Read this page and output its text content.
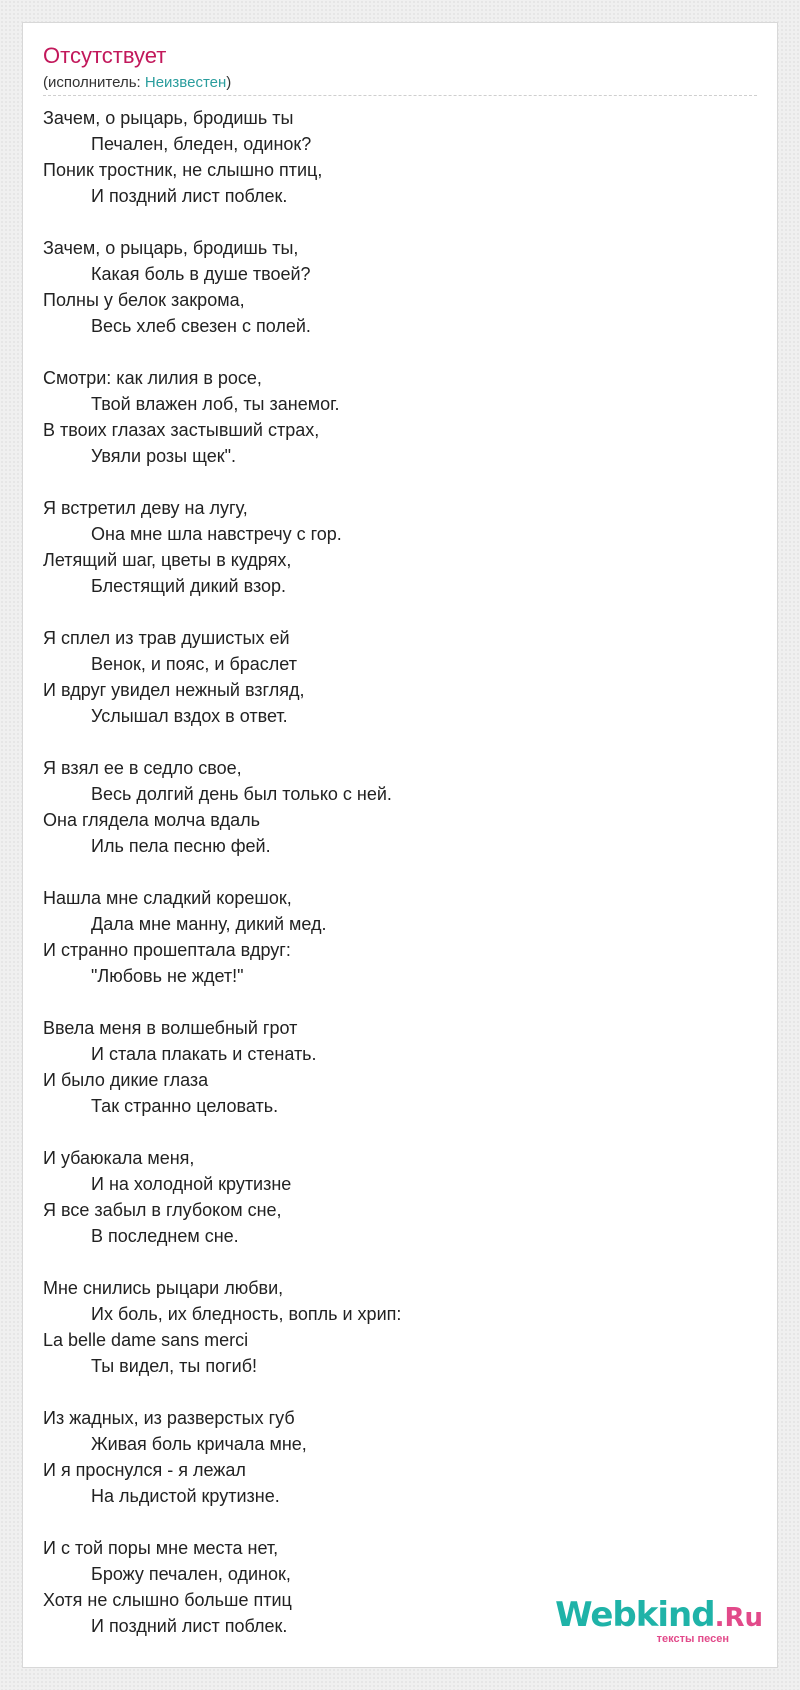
Отсутствует
(исполнитель: Неизвестен)
Зачем, о рыцарь, бродишь ты
Печален, бледен, одинок?
Поник тростник, не слышно птиц,
И поздний лист поблек.
Зачем, о рыцарь, бродишь ты,
Какая боль в душе твоей?
Полны у белок закрома,
Весь хлеб свезен с полей.
Смотри: как лилия в росе,
Твой влажен лоб, ты занемог.
В твоих глазах застывший страх,
Увяли розы щек".
Я встретил деву на лугу,
Она мне шла навстречу с гор.
Летящий шаг, цветы в кудрях,
Блестящий дикий взор.
Я сплел из трав душистых ей
Венок, и пояс, и браслет
И вдруг увидел нежный взгляд,
Услышал вздох в ответ.
Я взял ее в седло свое,
Весь долгий день был только с ней.
Она глядела молча вдаль
Иль пела песню фей.
Нашла мне сладкий корешок,
Дала мне манну, дикий мед.
И странно прошептала вдруг:
"Любовь не ждет!"
Ввела меня в волшебный грот
И стала плакать и стенать.
И было дикие глаза
Так странно целовать.
И убаюкала меня,
И на холодной крутизне
Я все забыл в глубоком сне,
В последнем сне.
Мне снились рыцари любви,
Их боль, их бледность, вопль и хрип:
La belle dame sans merci
Ты видел, ты погиб!
Из жадных, из разверстых губ
Живая боль кричала мне,
И я проснулся - я лежал
На льдистой крутизне.
И с той поры мне места нет,
Брожу печален, одинок,
Хотя не слышно больше птиц
И поздний лист поблек.	Webkind.Ru
тексты песен
